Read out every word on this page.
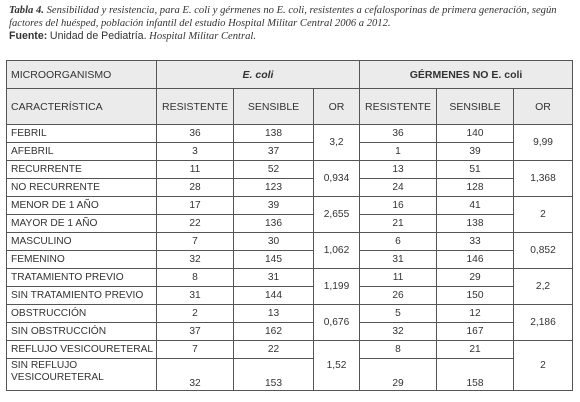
Tabla 4. Sensibilidad y resistencia, para E. coli y gérmenes no E. coli, resistentes a cefalosporinas de primera generación, según factores del huésped, población infantil del estudio Hospital Militar Central 2006 a 2012.
Fuente: Unidad de Pediatría. Hospital Militar Central.
MICROORGANISMO	E. coli			GÉRMENES NO E. coli		
CARACTERÍSTICA	RESISTENTE	SENSIBLE	OR	RESISTENTE	SENSIBLE	OR
FEBRIL	36	138	3,2	36	140	9,99
AFEBRIL	3	37		1	39	
RECURRENTE	11	52	0,934	13	51	1,368
NO RECURRENTE	28	123		24	128	
MENOR DE 1 AÑO	17	39	2,655	16	41	2
MAYOR DE 1 AÑO	22	136		21	138	
MASCULINO	7	30	1,062	6	33	0,852
FEMENINO	32	145		31	146	
TRATAMIENTO PREVIO	8	31	1,199	11	29	2,2
SIN TRATAMIENTO PREVIO	31	144		26	150	
OBSTRUCCIÓN	2	13	0,676	5	12	2,186
SIN OBSTRUCCIÓN	37	162		32	167	
REFLUJO VESICOURETERAL	7	22	1,52	8	21	2
SIN REFLUJO VESICOURETERAL	32	153		29	158	
